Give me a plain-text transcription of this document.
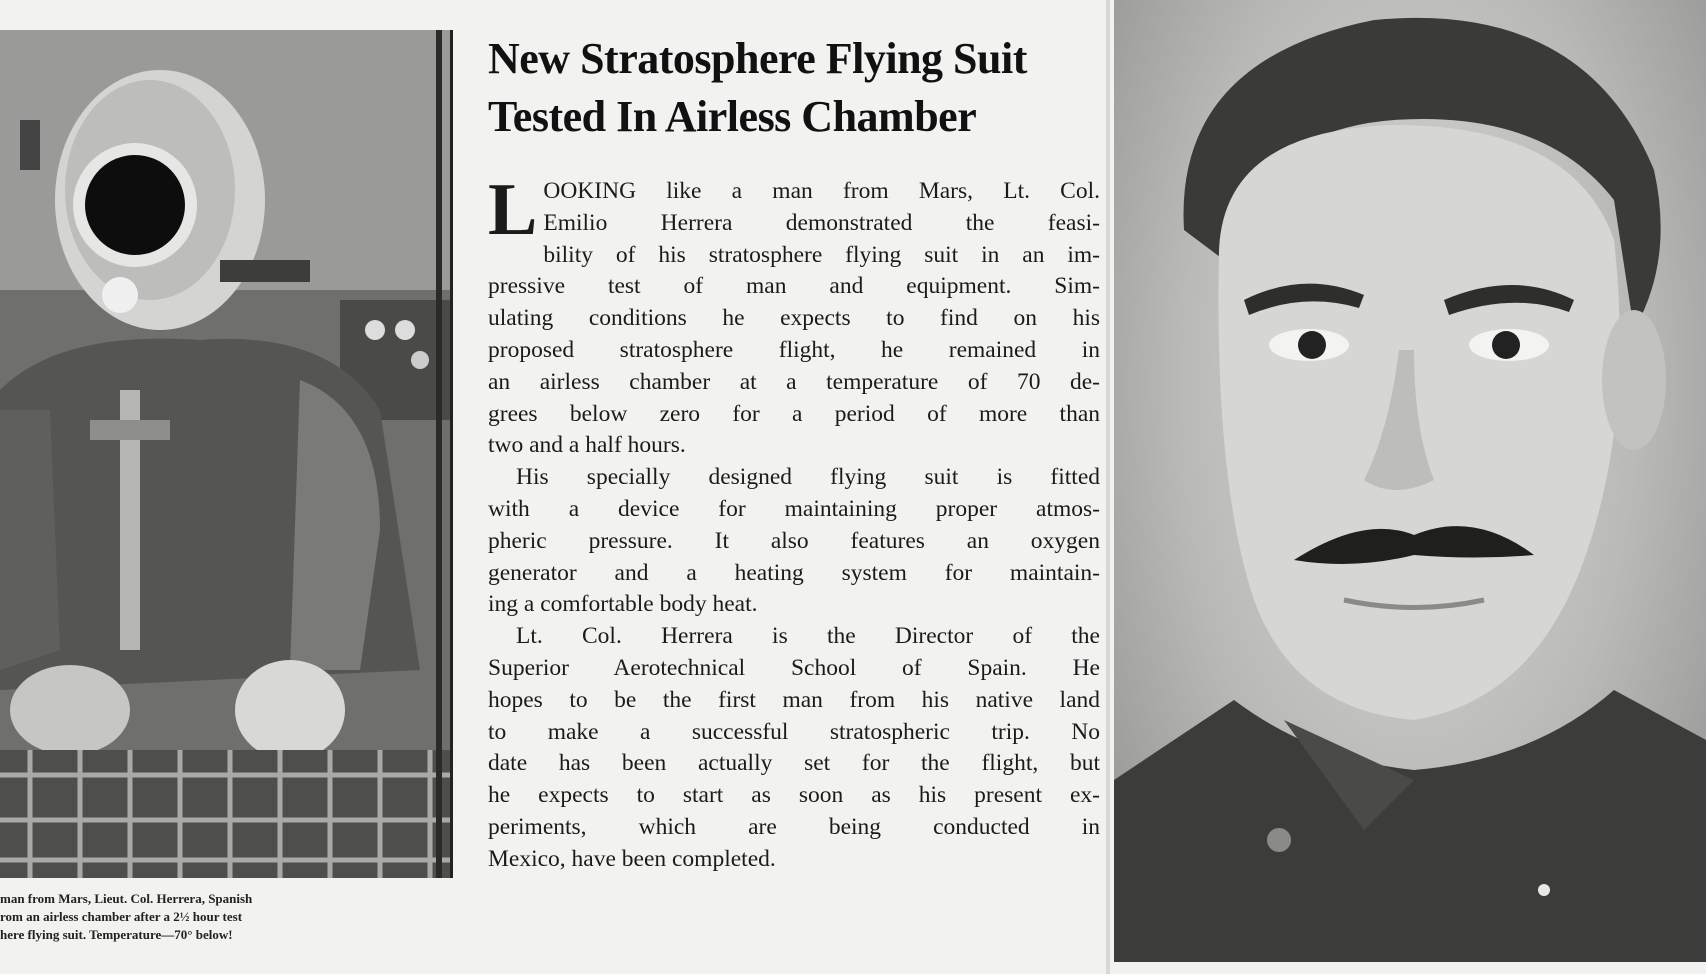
man from Mars, Lieut. Col. Herrera, Spanish
rom an airless chamber after a 2½ hour test
here flying suit. Temperature—70° below!
New Stratosphere Flying Suit
Tested In Airless Chamber
L OOKING like a man from Mars, Lt. Col.
Emilio Herrera demonstrated the feasi-
bility of his stratosphere flying suit in an im-
pressive test of man and equipment. Sim-
ulating conditions he expects to find on his
proposed stratosphere flight, he remained in
an airless chamber at a temperature of 70 de-
grees below zero for a period of more than
two and a half hours.
His specially designed flying suit is fitted
with a device for maintaining proper atmos-
pheric pressure. It also features an oxygen
generator and a heating system for maintain-
ing a comfortable body heat.
Lt. Col. Herrera is the Director of the
Superior Aerotechnical School of Spain. He
hopes to be the first man from his native land
to make a successful stratospheric trip. No
date has been actually set for the flight, but
he expects to start as soon as his present ex-
periments, which are being conducted in
Mexico, have been completed.
